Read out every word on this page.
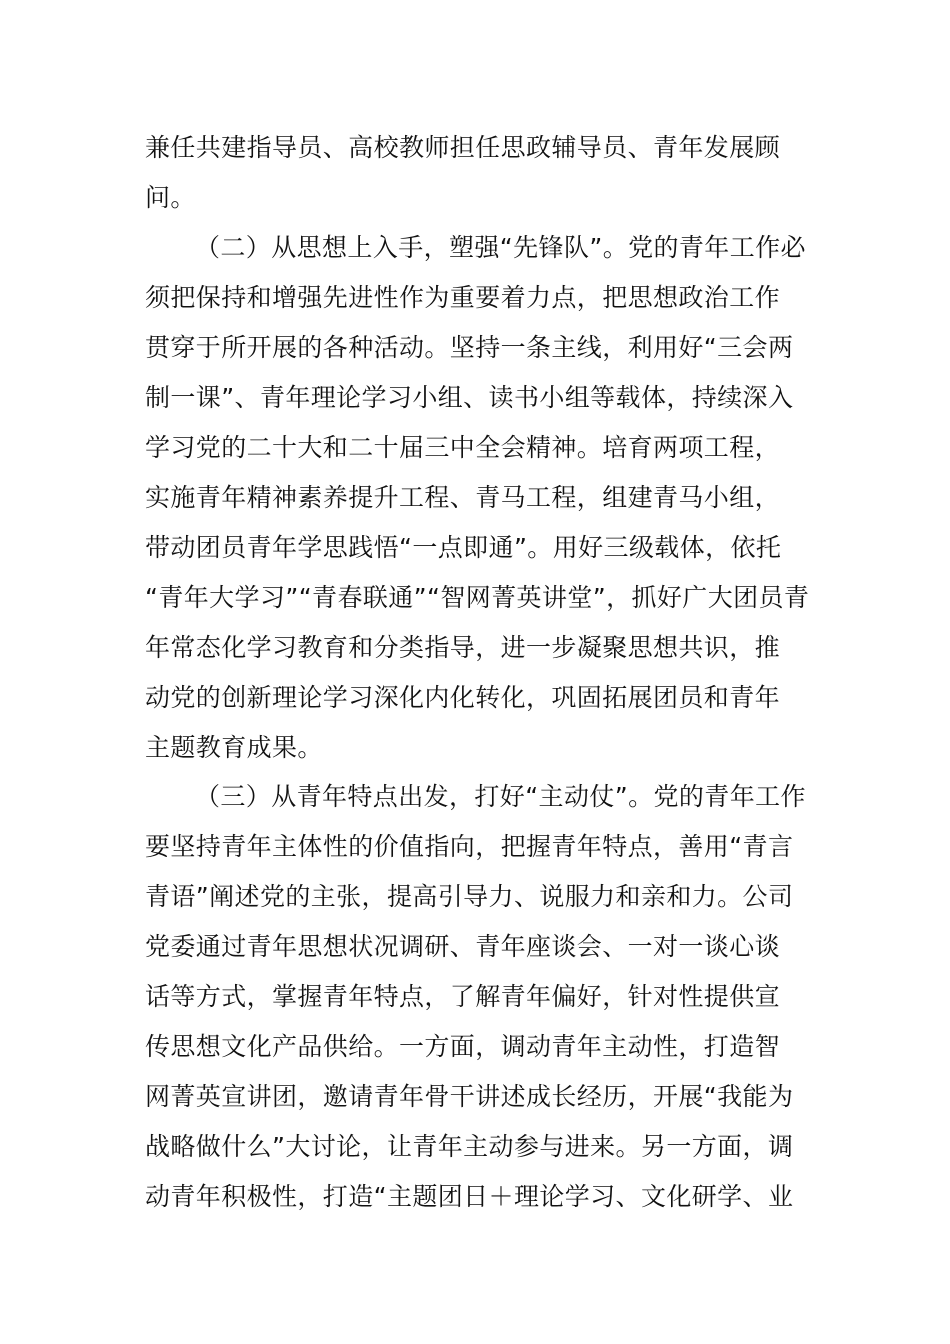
兼任共建指导员、高校教师担任思政辅导员、青年发展顾
问。
（二）从思想上入手，塑强“先锋队”。党的青年工作必
须把保持和增强先进性作为重要着力点，把思想政治工作
贯穿于所开展的各种活动。坚持一条主线，利用好“三会两
制一课”、青年理论学习小组、读书小组等载体，持续深入
学习党的二十大和二十届三中全会精神。培育两项工程，
实施青年精神素养提升工程、青马工程，组建青马小组，
带动团员青年学思践悟“一点即通”。用好三级载体，依托
“青年大学习”“青春联通”“智网菁英讲堂”，抓好广大团员青
年常态化学习教育和分类指导，进一步凝聚思想共识，推
动党的创新理论学习深化内化转化，巩固拓展团员和青年
主题教育成果。
（三）从青年特点出发，打好“主动仗”。党的青年工作
要坚持青年主体性的价值指向，把握青年特点，善用“青言
青语”阐述党的主张，提高引导力、说服力和亲和力。公司
党委通过青年思想状况调研、青年座谈会、一对一谈心谈
话等方式，掌握青年特点，了解青年偏好，针对性提供宣
传思想文化产品供给。一方面，调动青年主动性，打造智
网菁英宣讲团，邀请青年骨干讲述成长经历，开展“我能为
战略做什么”大讨论，让青年主动参与进来。另一方面，调
动青年积极性，打造“主题团日＋理论学习、文化研学、业
